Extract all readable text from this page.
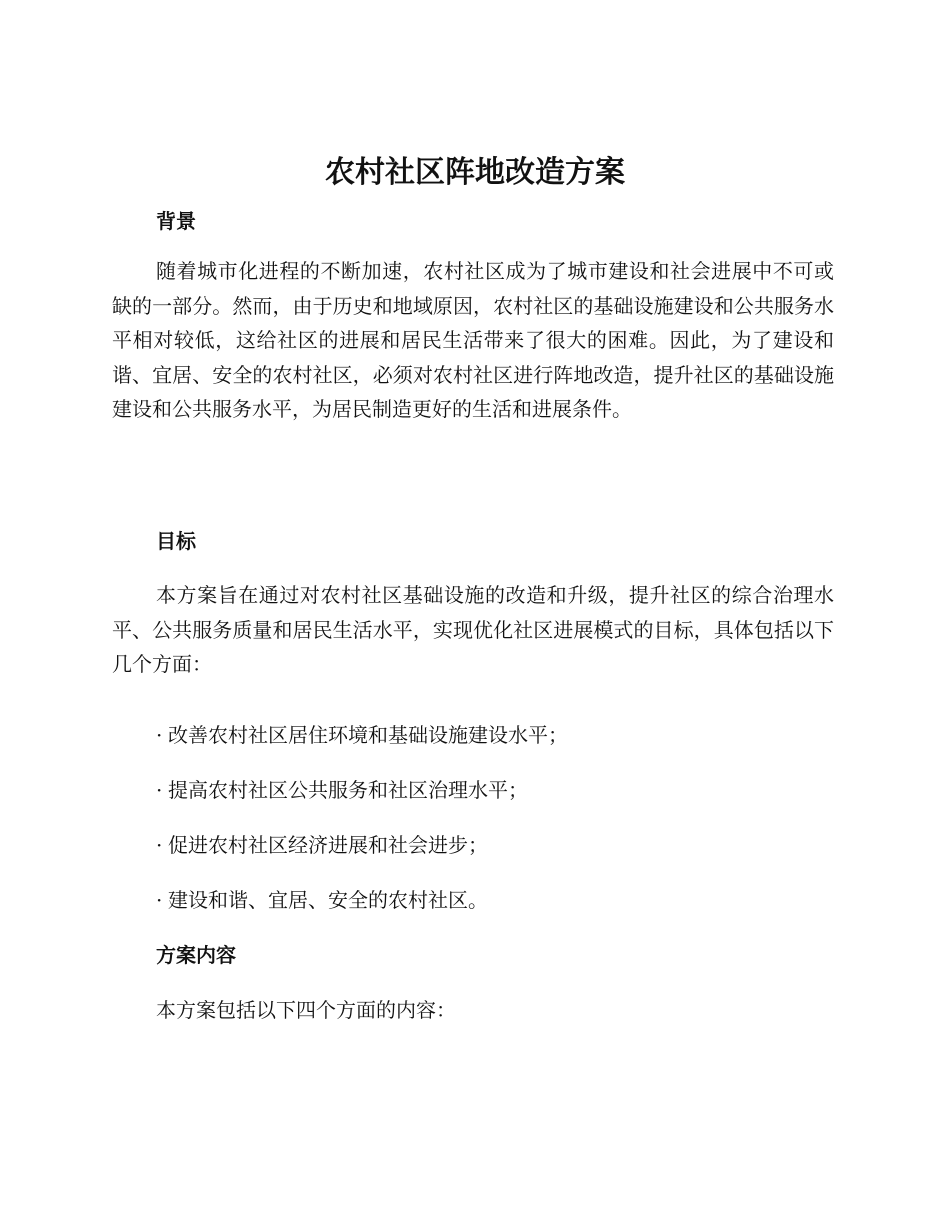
农村社区阵地改造方案
背景

随着城市化进程的不断加速，农村社区成为了城市建设和社会进展中不可或缺的一部分。然而，由于历史和地域原因，农村社区的基础设施建设和公共服务水平相对较低，这给社区的进展和居民生活带来了很大的困难。因此，为了建设和谐、宜居、安全的农村社区，必须对农村社区进行阵地改造，提升社区的基础设施建设和公共服务水平，为居民制造更好的生活和进展条件。

目标

本方案旨在通过对农村社区基础设施的改造和升级，提升社区的综合治理水平、公共服务质量和居民生活水平，实现优化社区进展模式的目标，具体包括以下几个方面：

· 改善农村社区居住环境和基础设施建设水平；
· 提高农村社区公共服务和社区治理水平；
· 促进农村社区经济进展和社会进步；
· 建设和谐、宜居、安全的农村社区。
方案内容

本方案包括以下四个方面的内容：
